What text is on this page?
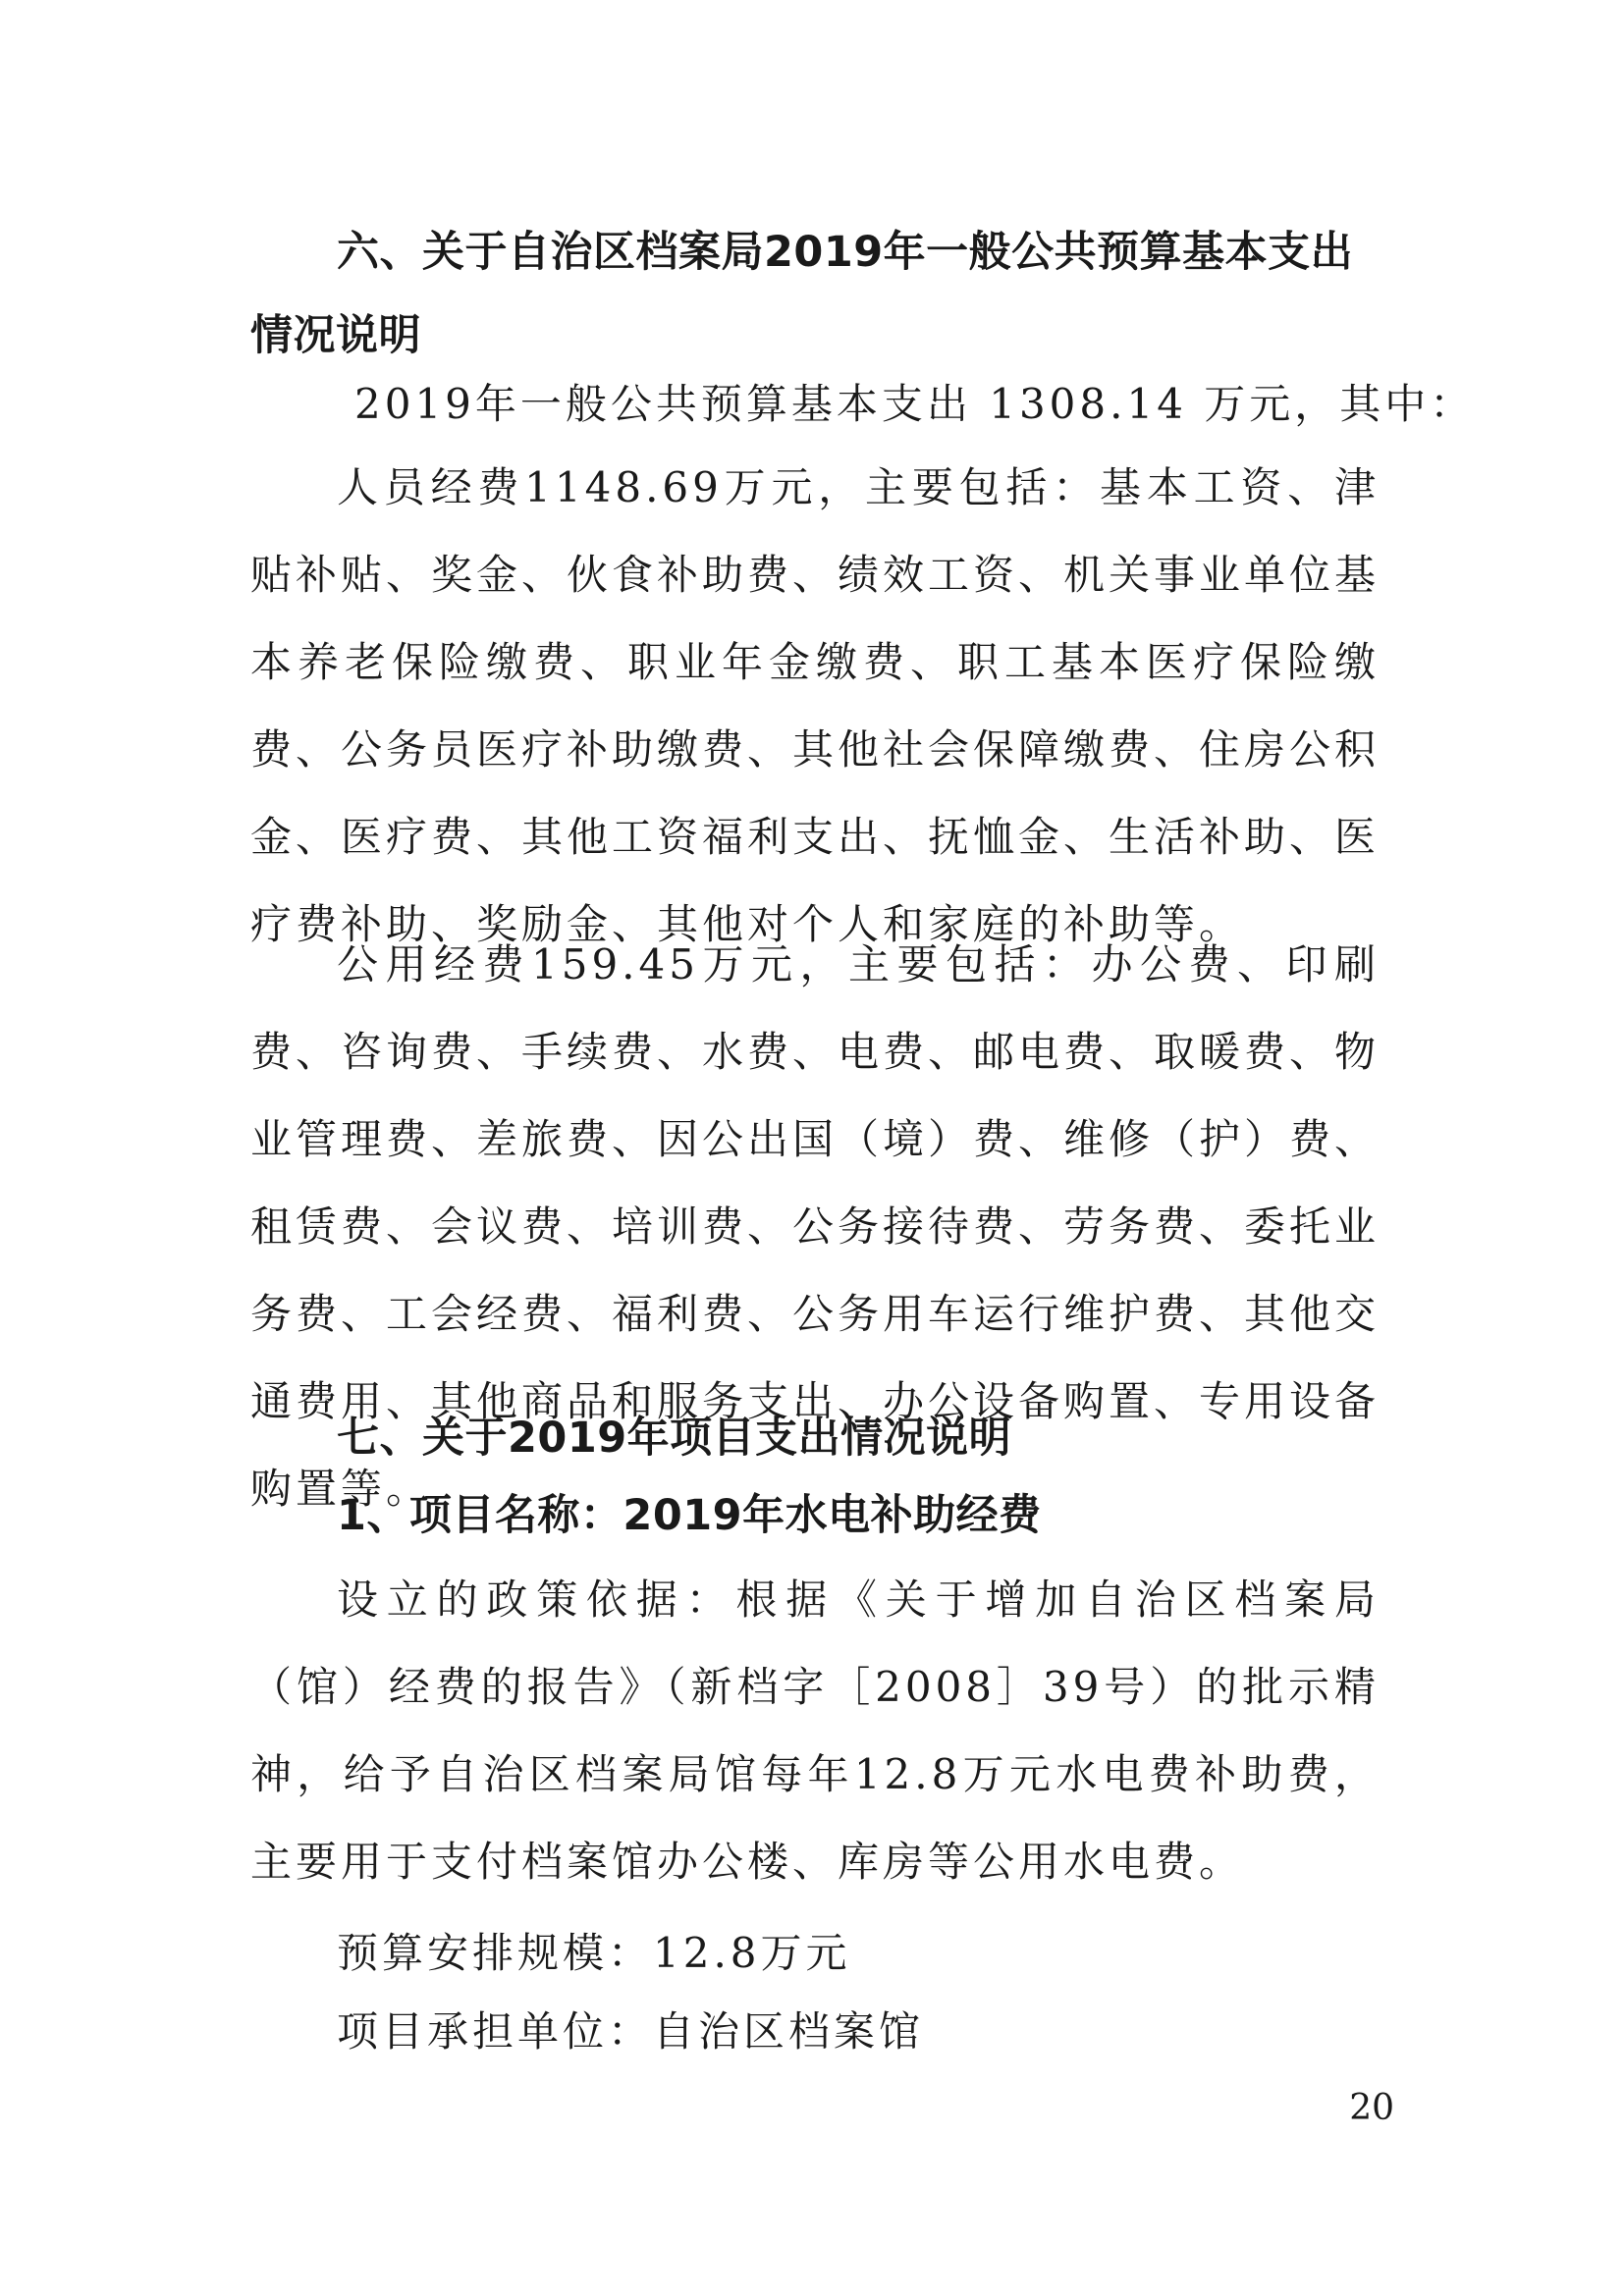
六、关于自治区档案局2019年一般公共预算基本支出情况说明

2019年一般公共预算基本支出 1308.14 万元，其中：

人员经费1148.69万元，主要包括：基本工资、津贴补贴、奖金、伙食补助费、绩效工资、机关事业单位基本养老保险缴费、职业年金缴费、职工基本医疗保险缴费、公务员医疗补助缴费、其他社会保障缴费、住房公积金、医疗费、其他工资福利支出、抚恤金、生活补助、医疗费补助、奖励金、其他对个人和家庭的补助等。

公用经费159.45万元，主要包括：办公费、印刷费、咨询费、手续费、水费、电费、邮电费、取暖费、物业管理费、差旅费、因公出国（境）费、维修（护）费、租赁费、会议费、培训费、公务接待费、劳务费、委托业务费、工会经费、福利费、公务用车运行维护费、其他交通费用、其他商品和服务支出、办公设备购置、专用设备购置等。

七、关于2019年项目支出情况说明

1、项目名称：2019年水电补助经费

设立的政策依据：根据《关于增加自治区档案局（馆）经费的报告》（新档字［2008］39号）的批示精神，给予自治区档案局馆每年12.8万元水电费补助费，主要用于支付档案馆办公楼、库房等公用水电费。

预算安排规模：12.8万元

项目承担单位：自治区档案馆

20
